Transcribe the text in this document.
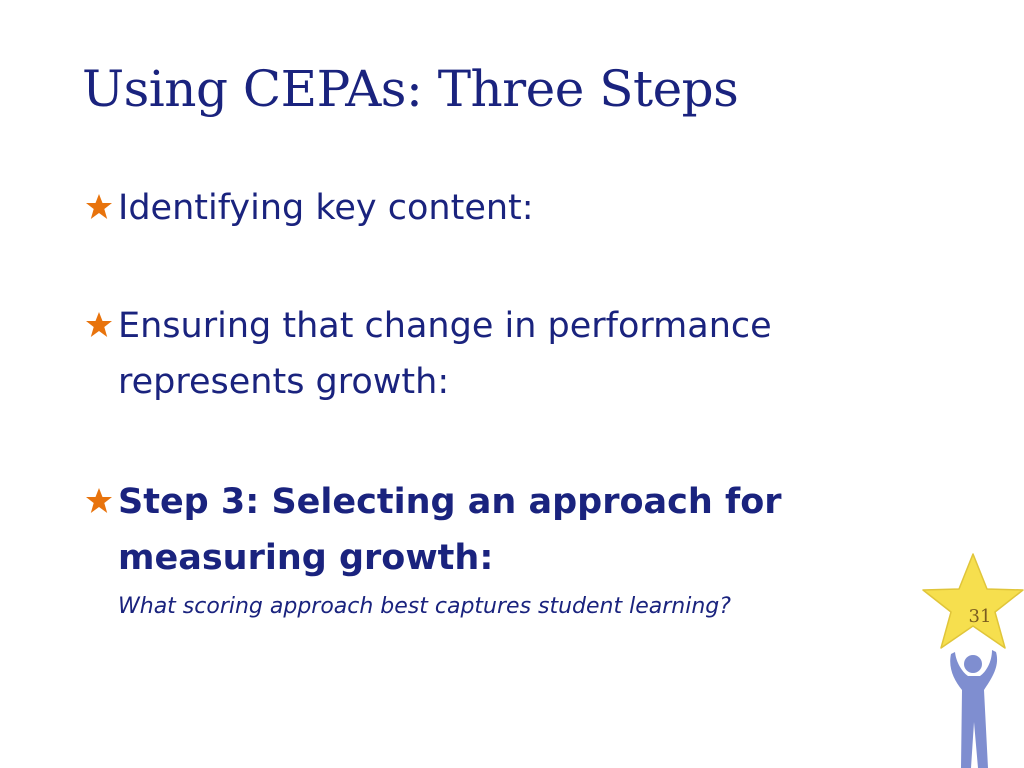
Using CEPAs: Three Steps
Identifying key content:
Ensuring that change in performance represents growth:
Step 3: Selecting an approach for measuring growth:
What scoring approach best captures student learning?	31
